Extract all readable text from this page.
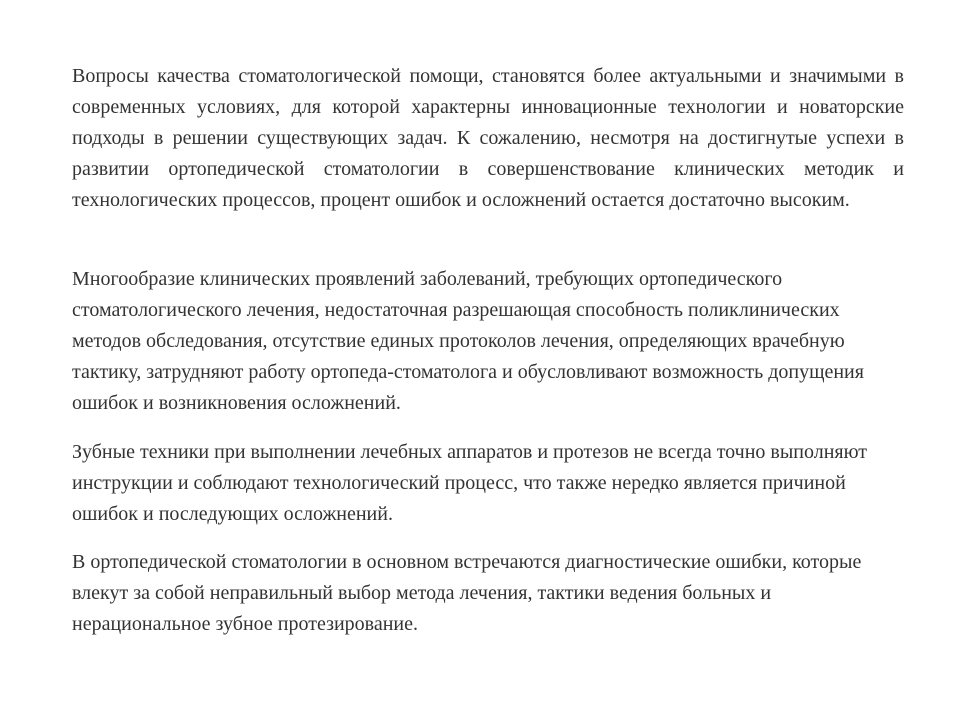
Вопросы качества стоматологической помощи, становятся более актуальными и значимыми в современных условиях, для которой характерны инновационные технологии и новаторские подходы в решении существующих задач. К сожалению, несмотря на достигнутые успехи в развитии ортопедической стоматологии в совершенствование клинических методик и технологических процессов, процент ошибок и осложнений остается достаточно высоким.

Многообразие клинических проявлений заболеваний, требующих ортопедического стоматологического лечения, недостаточная разрешающая способность поликлинических методов обследования, отсутствие единых протоколов лечения, определяющих врачебную тактику, затрудняют работу ортопеда-стоматолога и обусловливают возможность допущения ошибок и возникновения осложнений.

Зубные техники при выполнении лечебных аппаратов и протезов не всегда точно выполняют инструкции и соблюдают технологический процесс, что также нередко является причиной ошибок и последующих осложнений.

В ортопедической стоматологии в основном встречаются диагностические ошибки, которые влекут за собой неправильный выбор метода лечения, тактики ведения больных и нерациональное зубное протезирование.
